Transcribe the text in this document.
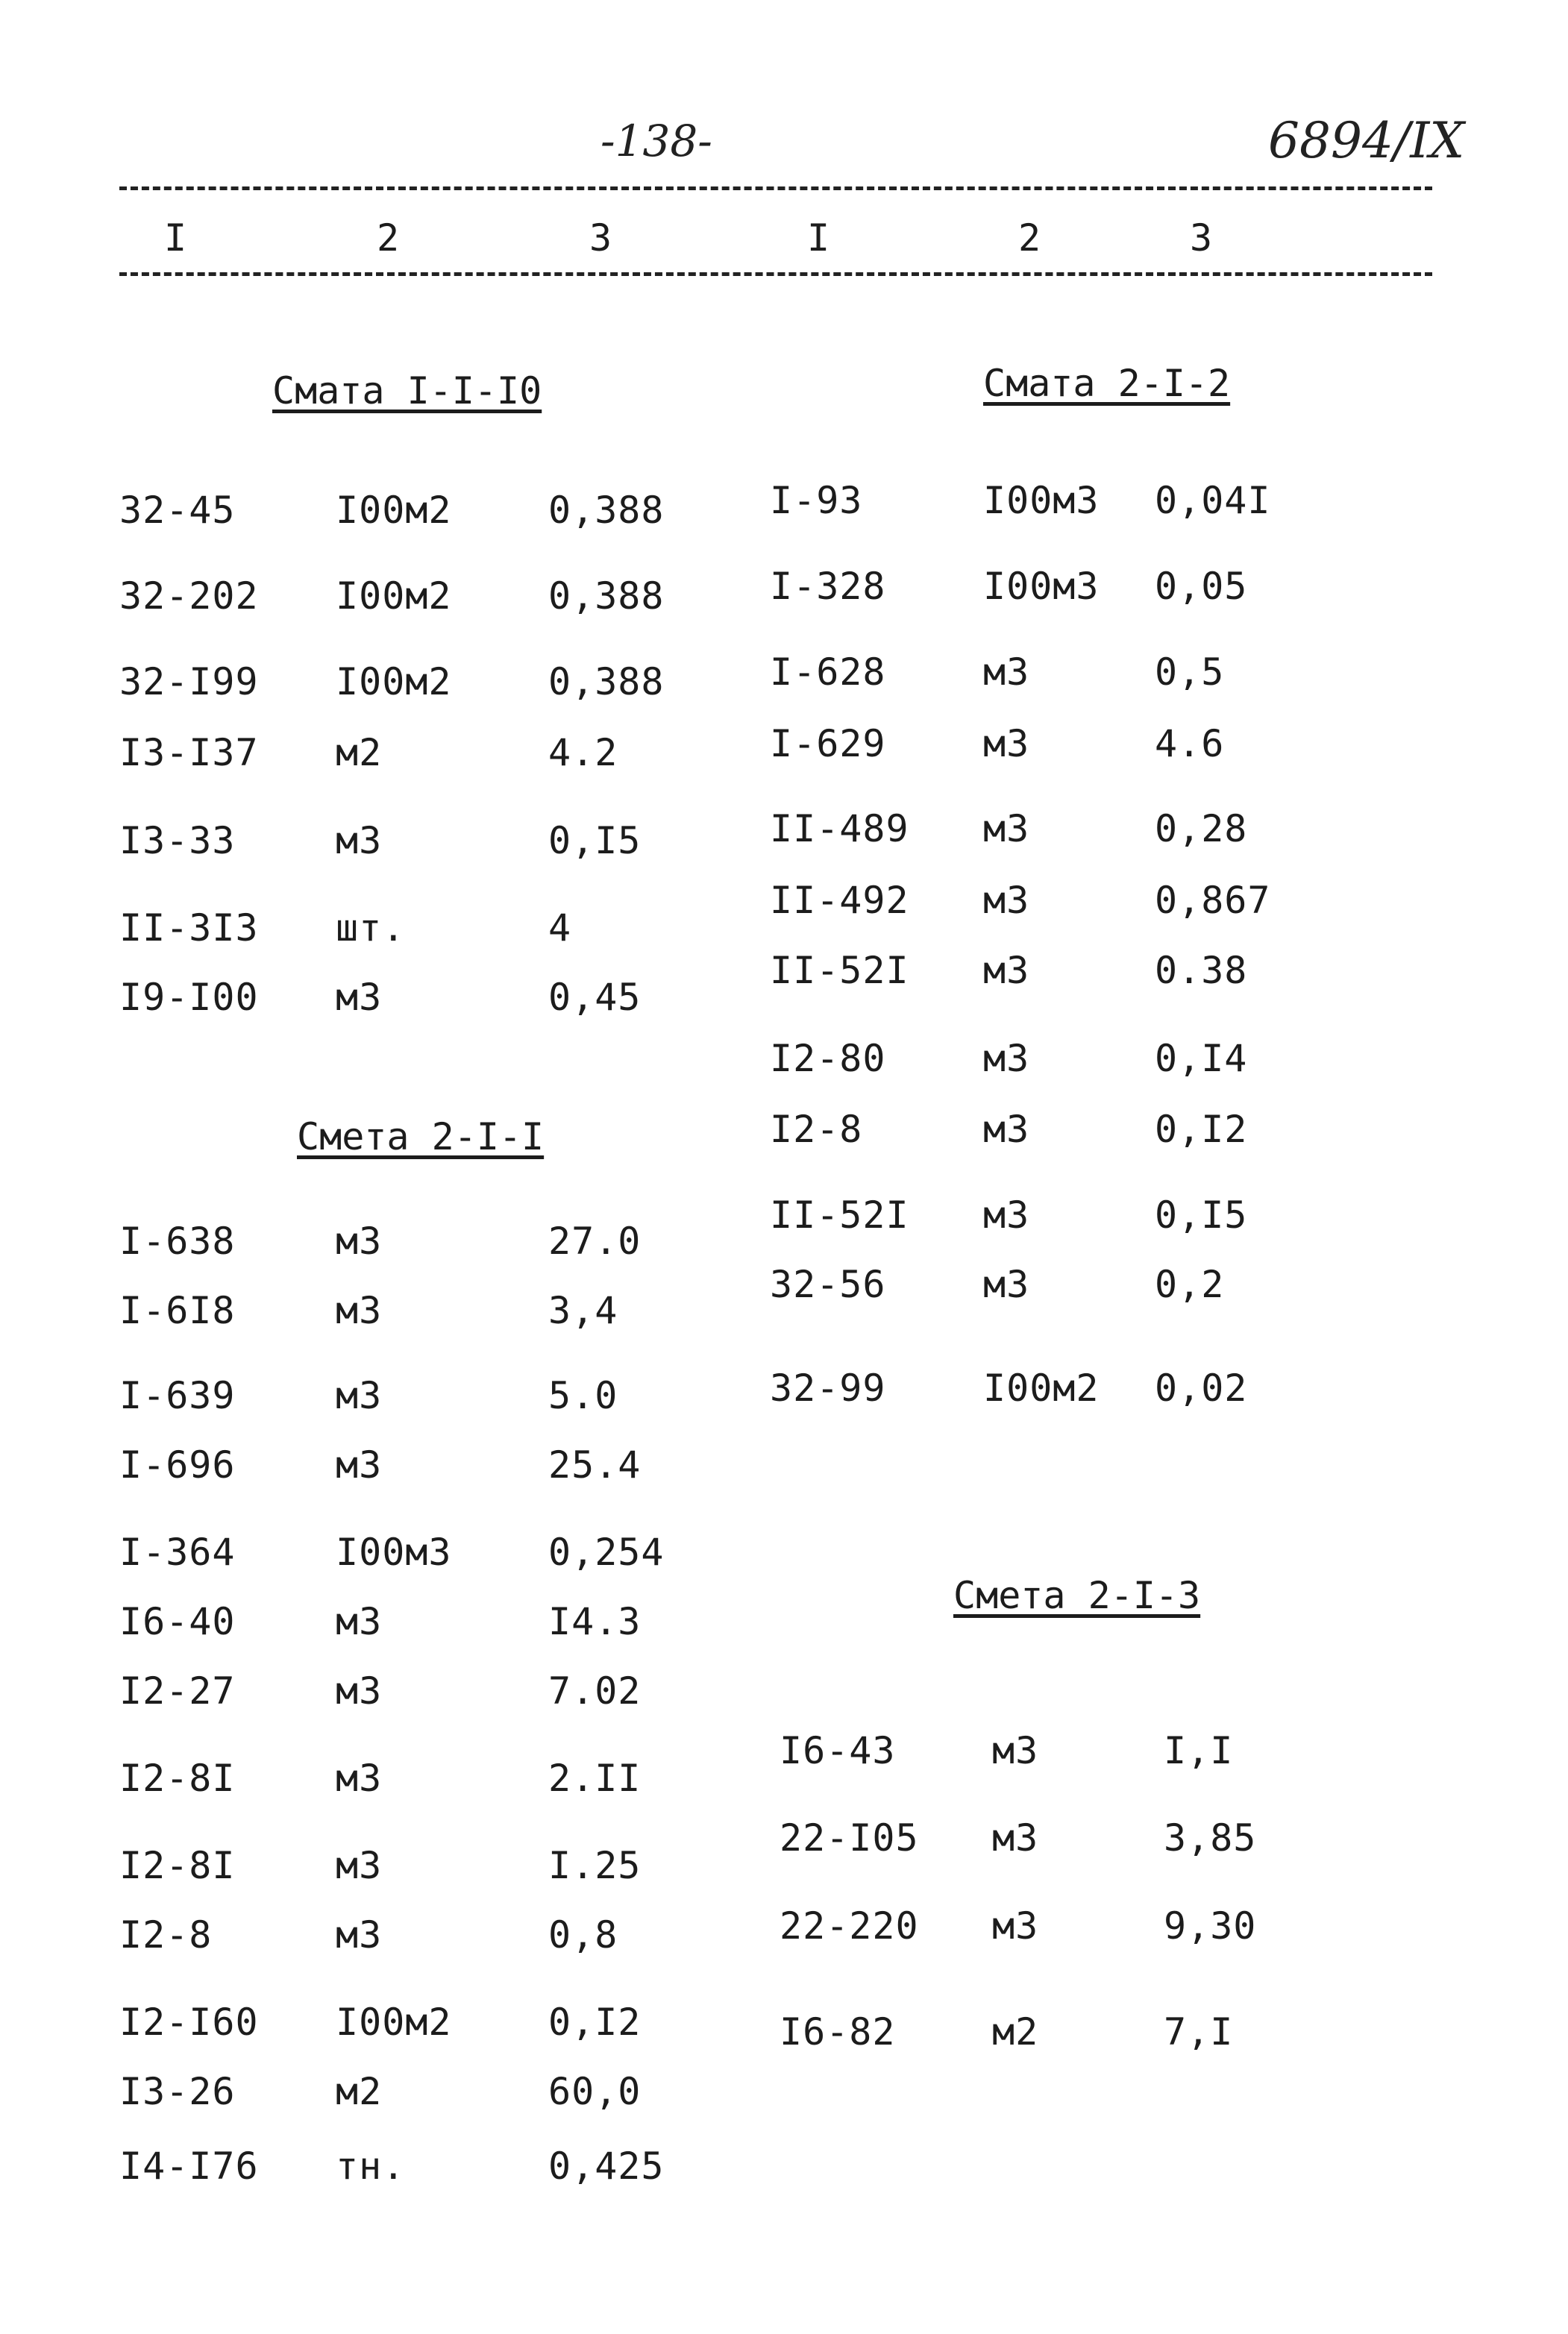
-138-	6894/IX
I	2	3	I	2	3
Смата I-I-I0
Смета 2-I-I
Смата 2-I-2
Смета 2-I-3
32-45	I00м2	0,388
32-202 I00м2	0,388
32-I99 I00м2	0,388
I3-I37 м2	4.2
I3-33	м3	0,I5
II-3I3 шт.	4
I9-I00 м3	0,45
I-638	м3	27.0
I-6I8	м3	3,4
I-639	м3	5.0
I-696	м3	25.4
I-364	I00м3	0,254
I6-40	м3	I4.3
I2-27	м3	7.02
I2-8I	м3	2.II
I2-8I	м3	I.25
I2-8	м3	0,8
I2-I60 I00м2	0,I2
I3-26	м2	60,0
I4-I76 тн.	0,425
I-93	I00м3 0,04I
I-328	I00м3 0,05
I-628	м3	0,5
I-629	м3	4.6
II-489 м3	0,28
II-492 м3	0,867
II-52I м3	0.38
I2-80	м3	0,I4
I2-8	м3	0,I2
II-52I м3	0,I5
32-56	м3	0,2
32-99	I00м2 0,02
I6-43	м3	I,I
22-I05 м3	3,85
22-220 м3	9,30
I6-82	м2	7,I
